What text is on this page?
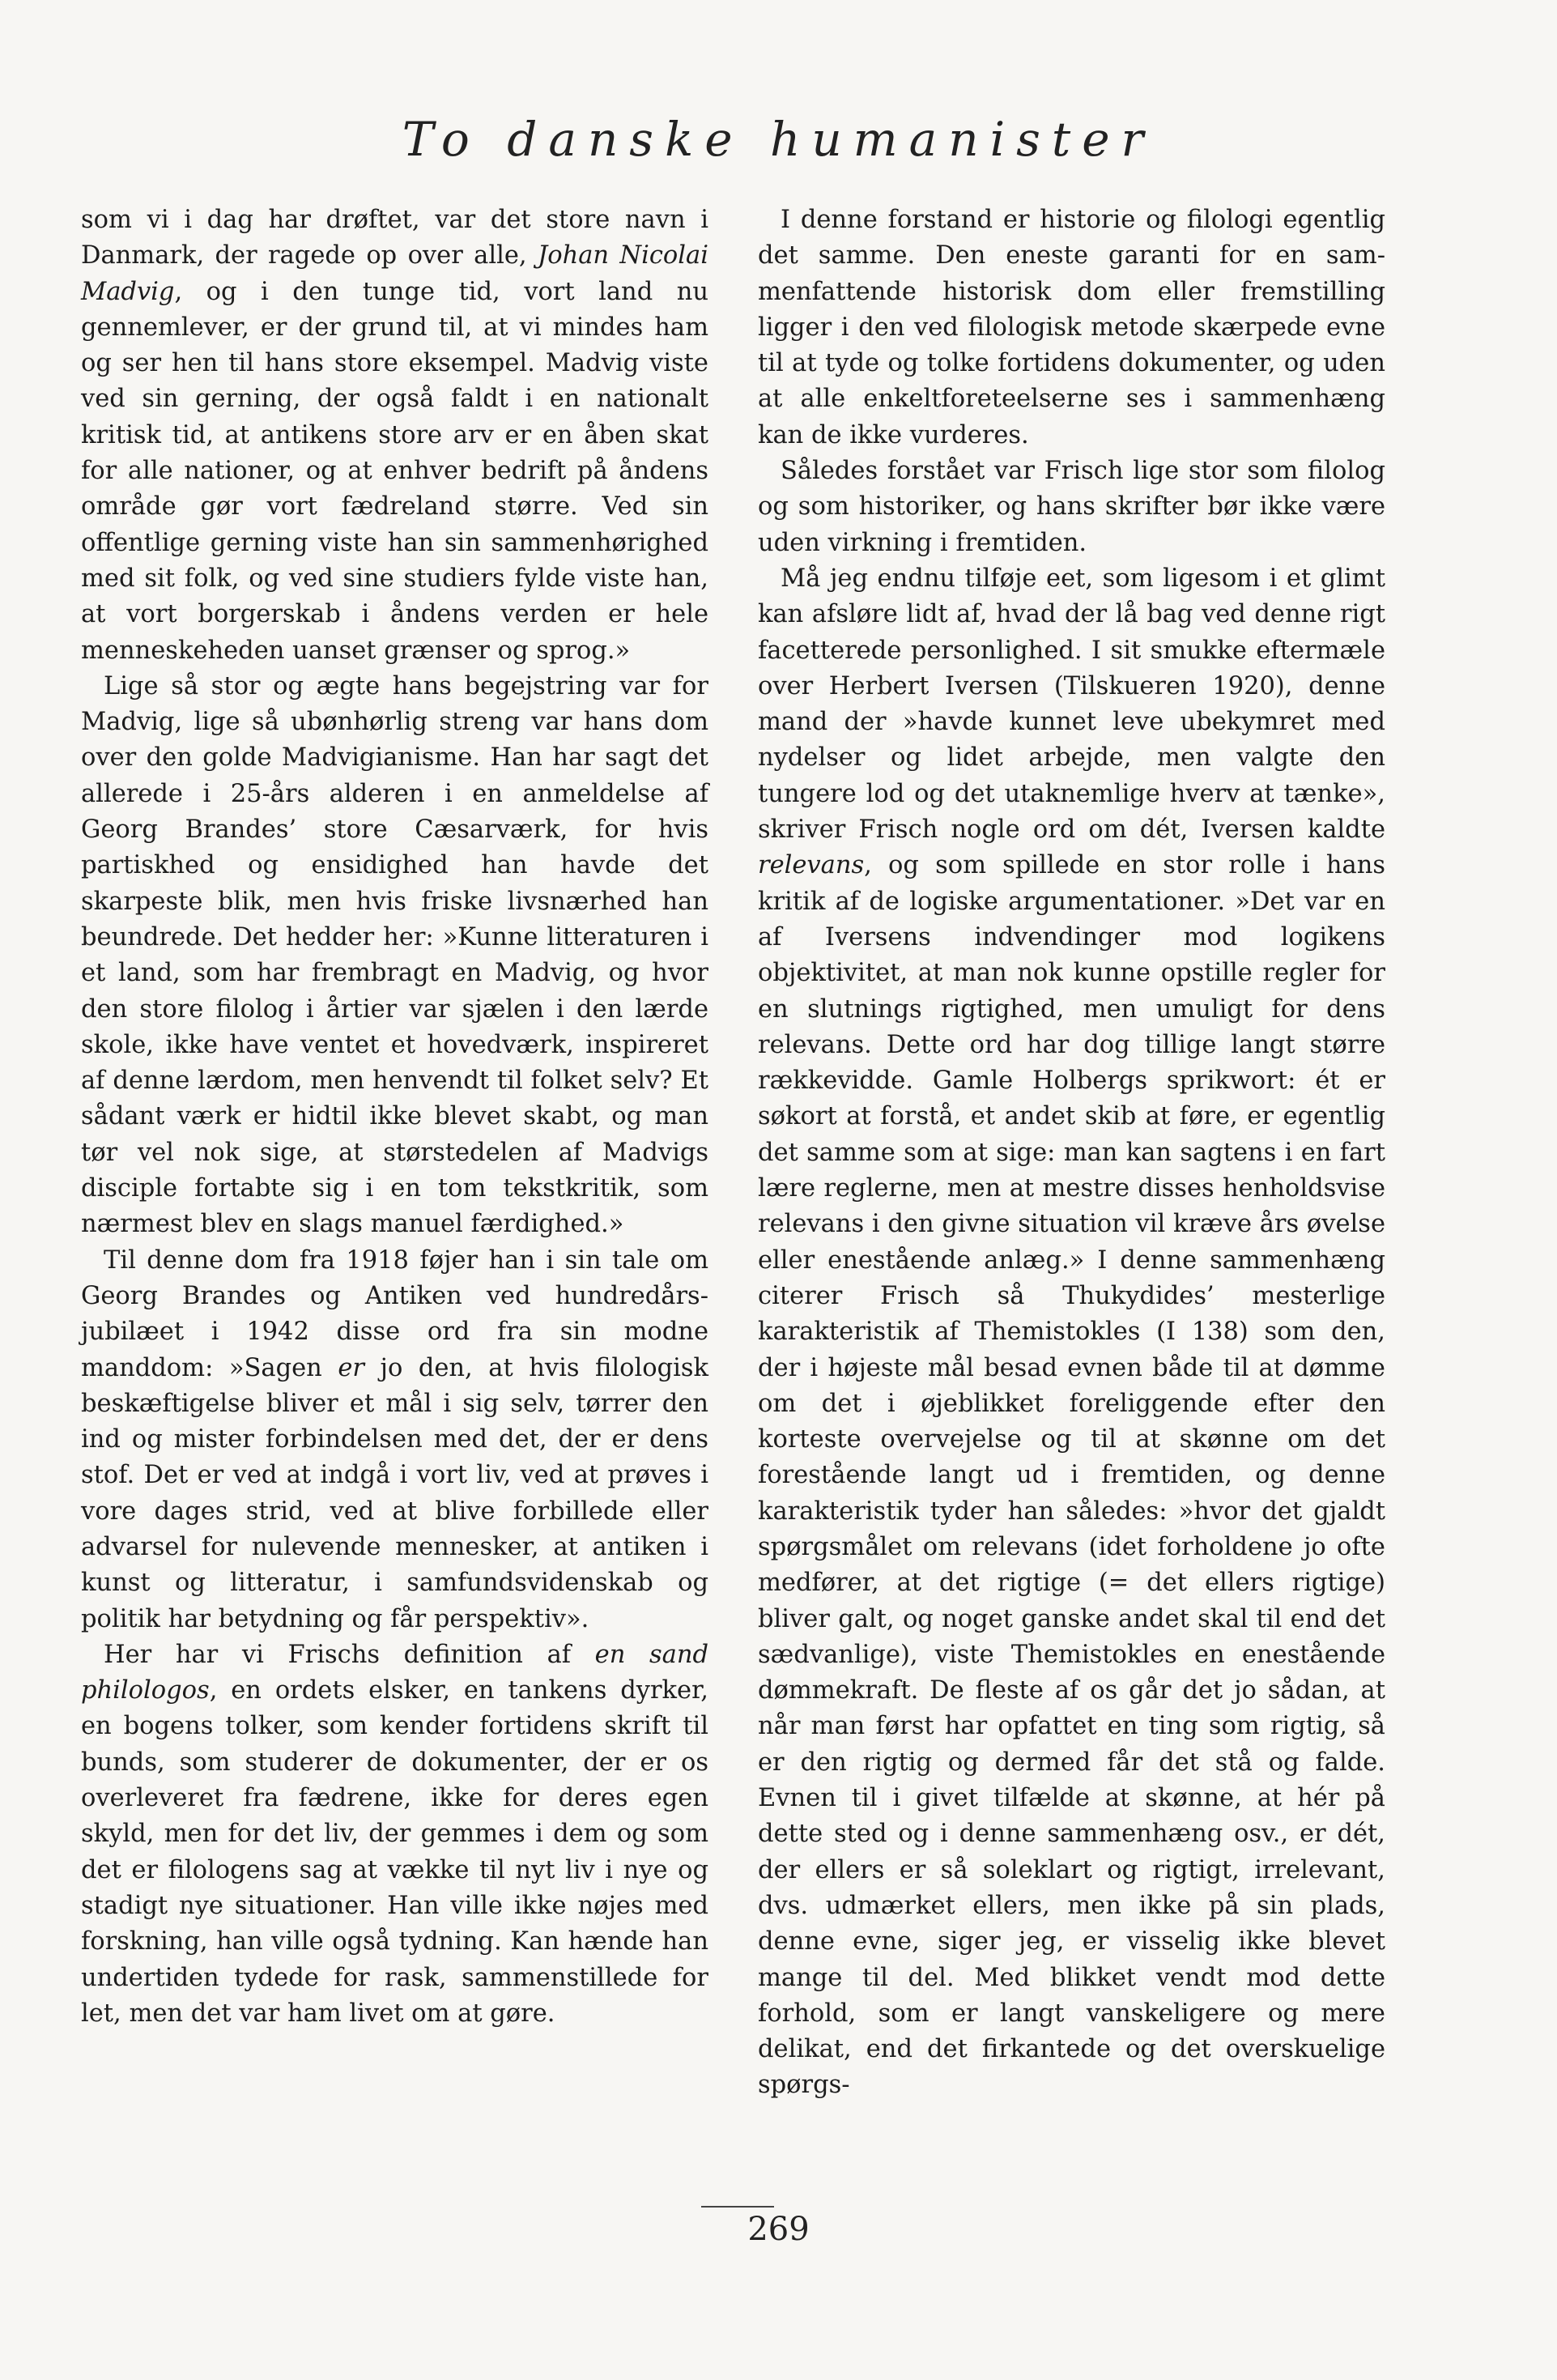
To danske humanister

som vi i dag har drøftet, var det store navn i Danmark, der ragede op over alle, Johan Nicolai Madvig, og i den tunge tid, vort land nu gennemlever, er der grund til, at vi mindes ham og ser hen til hans store eksempel. Madvig viste ved sin gerning, der også faldt i en nationalt kritisk tid, at antikens store arv er en åben skat for alle nationer, og at enhver bedrift på åndens område gør vort fædreland større. Ved sin offentlige gerning viste han sin sammenhørighed med sit folk, og ved sine studiers fylde viste han, at vort borgerskab i åndens verden er hele menneskeheden uanset grænser og sprog.»

Lige så stor og ægte hans begejstring var for Madvig, lige så ubønhørlig streng var hans dom over den golde Madvigianisme. Han har sagt det allerede i 25-års alderen i en anmeldelse af Georg Brandes’ store Cæsarværk, for hvis partiskhed og ensidighed han havde det skarpeste blik, men hvis friske livsnærhed han beundrede. Det hedder her: »Kunne litteraturen i et land, som har frembragt en Madvig, og hvor den store filolog i årtier var sjælen i den lærde skole, ikke have ventet et hovedværk, inspireret af denne lærdom, men henvendt til folket selv? Et sådant værk er hidtil ikke blevet skabt, og man tør vel nok sige, at størstedelen af Madvigs disciple fortabte sig i en tom tekstkritik, som nærmest blev en slags manuel færdighed.»

Til denne dom fra 1918 føjer han i sin tale om Georg Brandes og Antiken ved hundredårs-jubilæet i 1942 disse ord fra sin modne manddom: »Sagen er jo den, at hvis filologisk beskæftigelse bliver et mål i sig selv, tørrer den ind og mister forbindelsen med det, der er dens stof. Det er ved at indgå i vort liv, ved at prøves i vore dages strid, ved at blive forbillede eller advarsel for nulevende mennesker, at antiken i kunst og litteratur, i samfundsvidenskab og politik har betydning og får perspektiv».

Her har vi Frischs definition af en sand philologos, en ordets elsker, en tankens dyrker, en bogens tolker, som kender fortidens skrift til bunds, som studerer de dokumenter, der er os overleveret fra fædrene, ikke for deres egen skyld, men for det liv, der gemmes i dem og som det er filologens sag at vække til nyt liv i nye og stadigt nye situationer. Han ville ikke nøjes med forskning, han ville også tydning. Kan hænde han undertiden tydede for rask, sammenstillede for let, men det var ham livet om at gøre.

I denne forstand er historie og filologi egentlig det samme. Den eneste garanti for en sammenfattende historisk dom eller fremstilling ligger i den ved filologisk metode skærpede evne til at tyde og tolke fortidens dokumenter, og uden at alle enkeltforeteelserne ses i sammenhæng kan de ikke vurderes.

Således forstået var Frisch lige stor som filolog og som historiker, og hans skrifter bør ikke være uden virkning i fremtiden.

Må jeg endnu tilføje eet, som ligesom i et glimt kan afsløre lidt af, hvad der lå bag ved denne rigt facetterede personlighed. I sit smukke eftermæle over Herbert Iversen (Tilskueren 1920), denne mand der »havde kunnet leve ubekymret med nydelser og lidet arbejde, men valgte den tungere lod og det utaknemlige hverv at tænke», skriver Frisch nogle ord om dét, Iversen kaldte relevans, og som spillede en stor rolle i hans kritik af de logiske argumentationer. »Det var en af Iversens indvendinger mod logikens objektivitet, at man nok kunne opstille regler for en slutnings rigtighed, men umuligt for dens relevans. Dette ord har dog tillige langt større rækkevidde. Gamle Holbergs sprikwort: ét er søkort at forstå, et andet skib at føre, er egentlig det samme som at sige: man kan sagtens i en fart lære reglerne, men at mestre disses henholdsvise relevans i den givne situation vil kræve års øvelse eller enestående anlæg.» I denne sammenhæng citerer Frisch så Thukydides’ mesterlige karakteristik af Themistokles (I 138) som den, der i højeste mål besad evnen både til at dømme om det i øjeblikket foreliggende efter den korteste overvejelse og til at skønne om det forestående langt ud i fremtiden, og denne karakteristik tyder han således: »hvor det gjaldt spørgsmålet om relevans (idet forholdene jo ofte medfører, at det rigtige (= det ellers rigtige) bliver galt, og noget ganske andet skal til end det sædvanlige), viste Themistokles en enestående dømmekraft. De fleste af os går det jo sådan, at når man først har opfattet en ting som rigtig, så er den rigtig og dermed får det stå og falde. Evnen til i givet tilfælde at skønne, at hér på dette sted og i denne sammenhæng osv., er dét, der ellers er så soleklart og rigtigt, irrelevant, dvs. udmærket ellers, men ikke på sin plads, denne evne, siger jeg, er visselig ikke blevet mange til del. Med blikket vendt mod dette forhold, som er langt vanskeligere og mere delikat, end det firkantede og det overskuelige spørgs-

269
